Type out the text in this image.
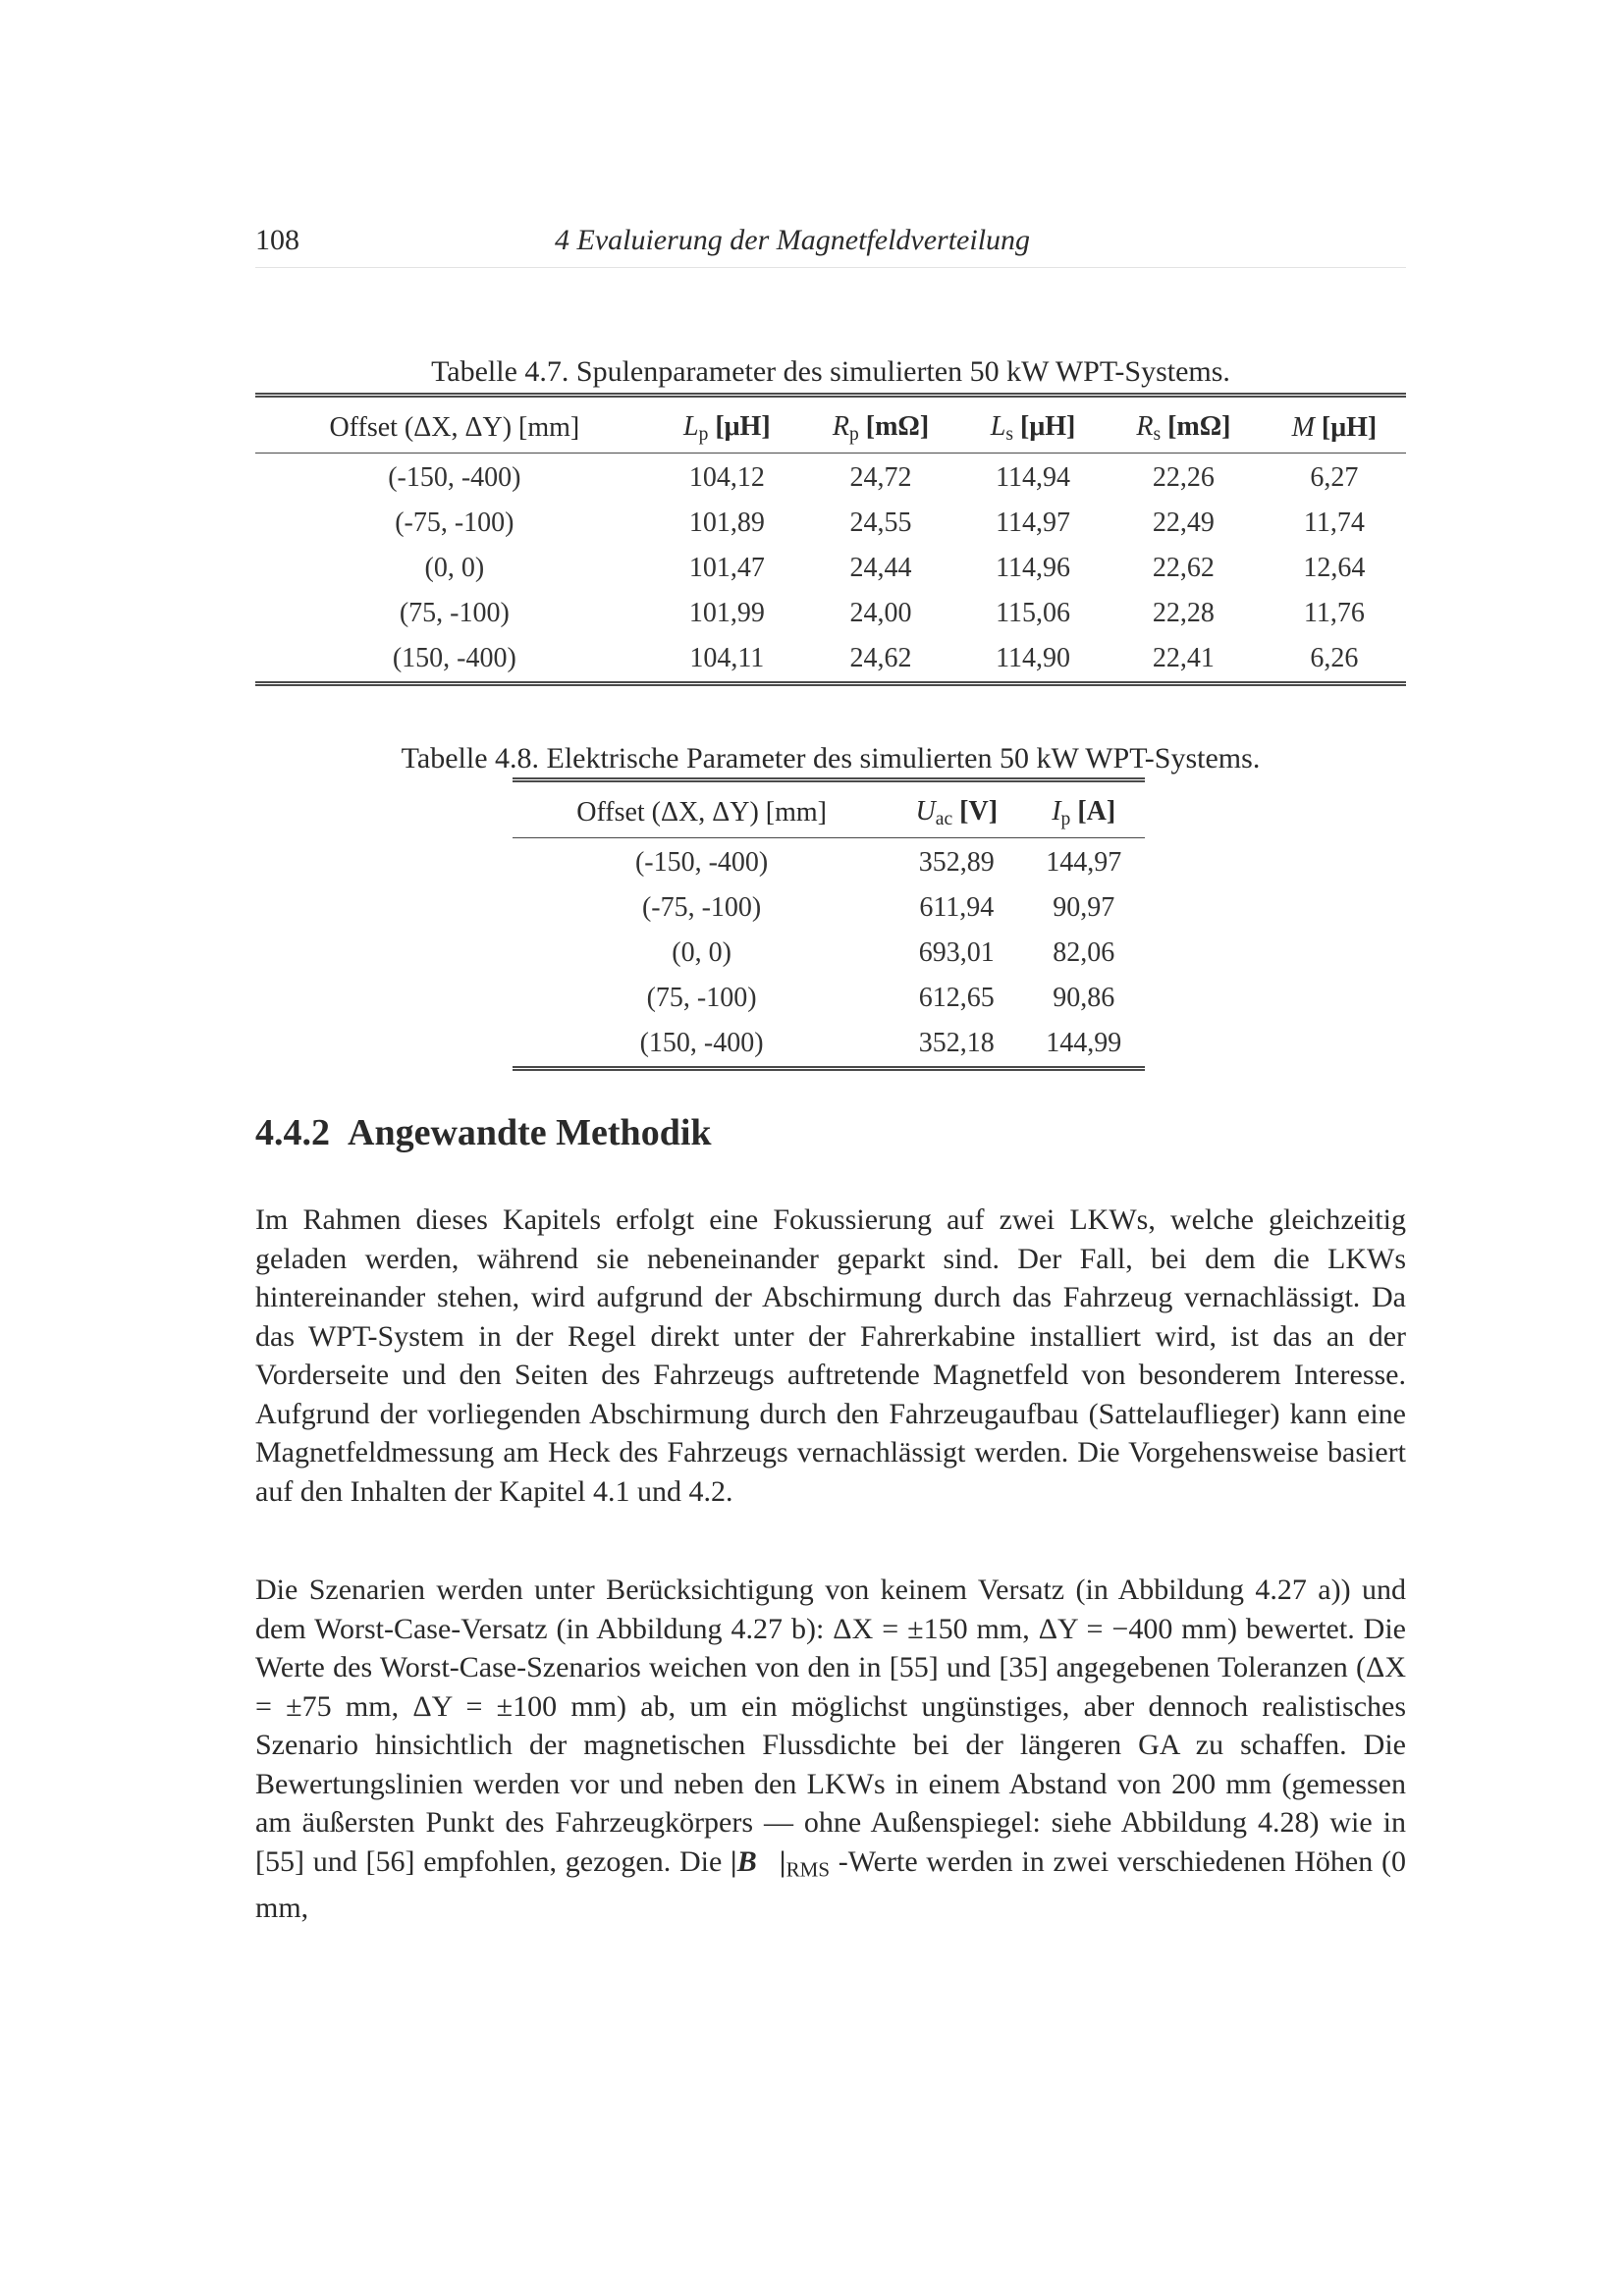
108	4 Evaluierung der Magnetfeldverteilung
Tabelle 4.7. Spulenparameter des simulierten 50 kW WPT-Systems.

Offset (ΔX, ΔY) [mm]	$L_p$ [μH]	$R_p$ [mΩ]	$L_s$ [μH]	$R_s$ [mΩ]	M [μH]
(-150, -400)	104,12	24,72	114,94	22,26	6,27
(-75, -100)	101,89	24,55	114,97	22,49	11,74
(0, 0)	101,47	24,44	114,96	22,62	12,64
(75, -100)	101,99	24,00	115,06	22,28	11,76
(150, -400)	104,11	24,62	114,90	22,41	6,26
Tabelle 4.8. Elektrische Parameter des simulierten 50 kW WPT-Systems.

Offset (ΔX, ΔY) [mm]	$U_{ac}$ [V]	$I_p$ [A]
(-150, -400)	352,89	144,97
(-75, -100)	611,94	90,97
(0, 0)	693,01	82,06
(75, -100)	612,65	90,86
(150, -400)	352,18	144,99
4.4.2 Angewandte Methodik

Im Rahmen dieses Kapitels erfolgt eine Fokussierung auf zwei LKWs, welche gleichzeitig geladen werden, während sie nebeneinander geparkt sind. Der Fall, bei dem die LKWs hintereinander stehen, wird aufgrund der Abschirmung durch das Fahrzeug vernachlässigt. Da das WPT-System in der Regel direkt unter der Fahrerkabine installiert wird, ist das an der Vorderseite und den Seiten des Fahrzeugs auftretende Magnetfeld von besonderem Interesse. Aufgrund der vorliegenden Abschirmung durch den Fahrzeugaufbau (Sattelauflieger) kann eine Magnetfeldmessung am Heck des Fahrzeugs vernachlässigt werden. Die Vorgehensweise basiert auf den Inhalten der Kapitel 4.1 und 4.2.

Die Szenarien werden unter Berücksichtigung von keinem Versatz (in Abbildung 4.27 a)) und dem Worst-Case-Versatz (in Abbildung 4.27 b): ΔX = ±150 mm, ΔY = −400 mm) bewertet. Die Werte des Worst-Case-Szenarios weichen von den in [55] und [35] angegebenen Toleranzen (ΔX = ±75 mm, ΔY = ±100 mm) ab, um ein möglichst ungünstiges, aber dennoch realistisches Szenario hinsichtlich der magnetischen Flussdichte bei der längeren GA zu schaffen. Die Bewertungslinien werden vor und neben den LKWs in einem Abstand von 200 mm (gemessen am äußersten Punkt des Fahrzeugkörpers — ohne Außenspiegel: siehe Abbildung 4.28) wie in [55] und [56] empfohlen, gezogen. Die $|B⃗|_{RMS}$ -Werte werden in zwei verschiedenen Höhen (0 mm,
